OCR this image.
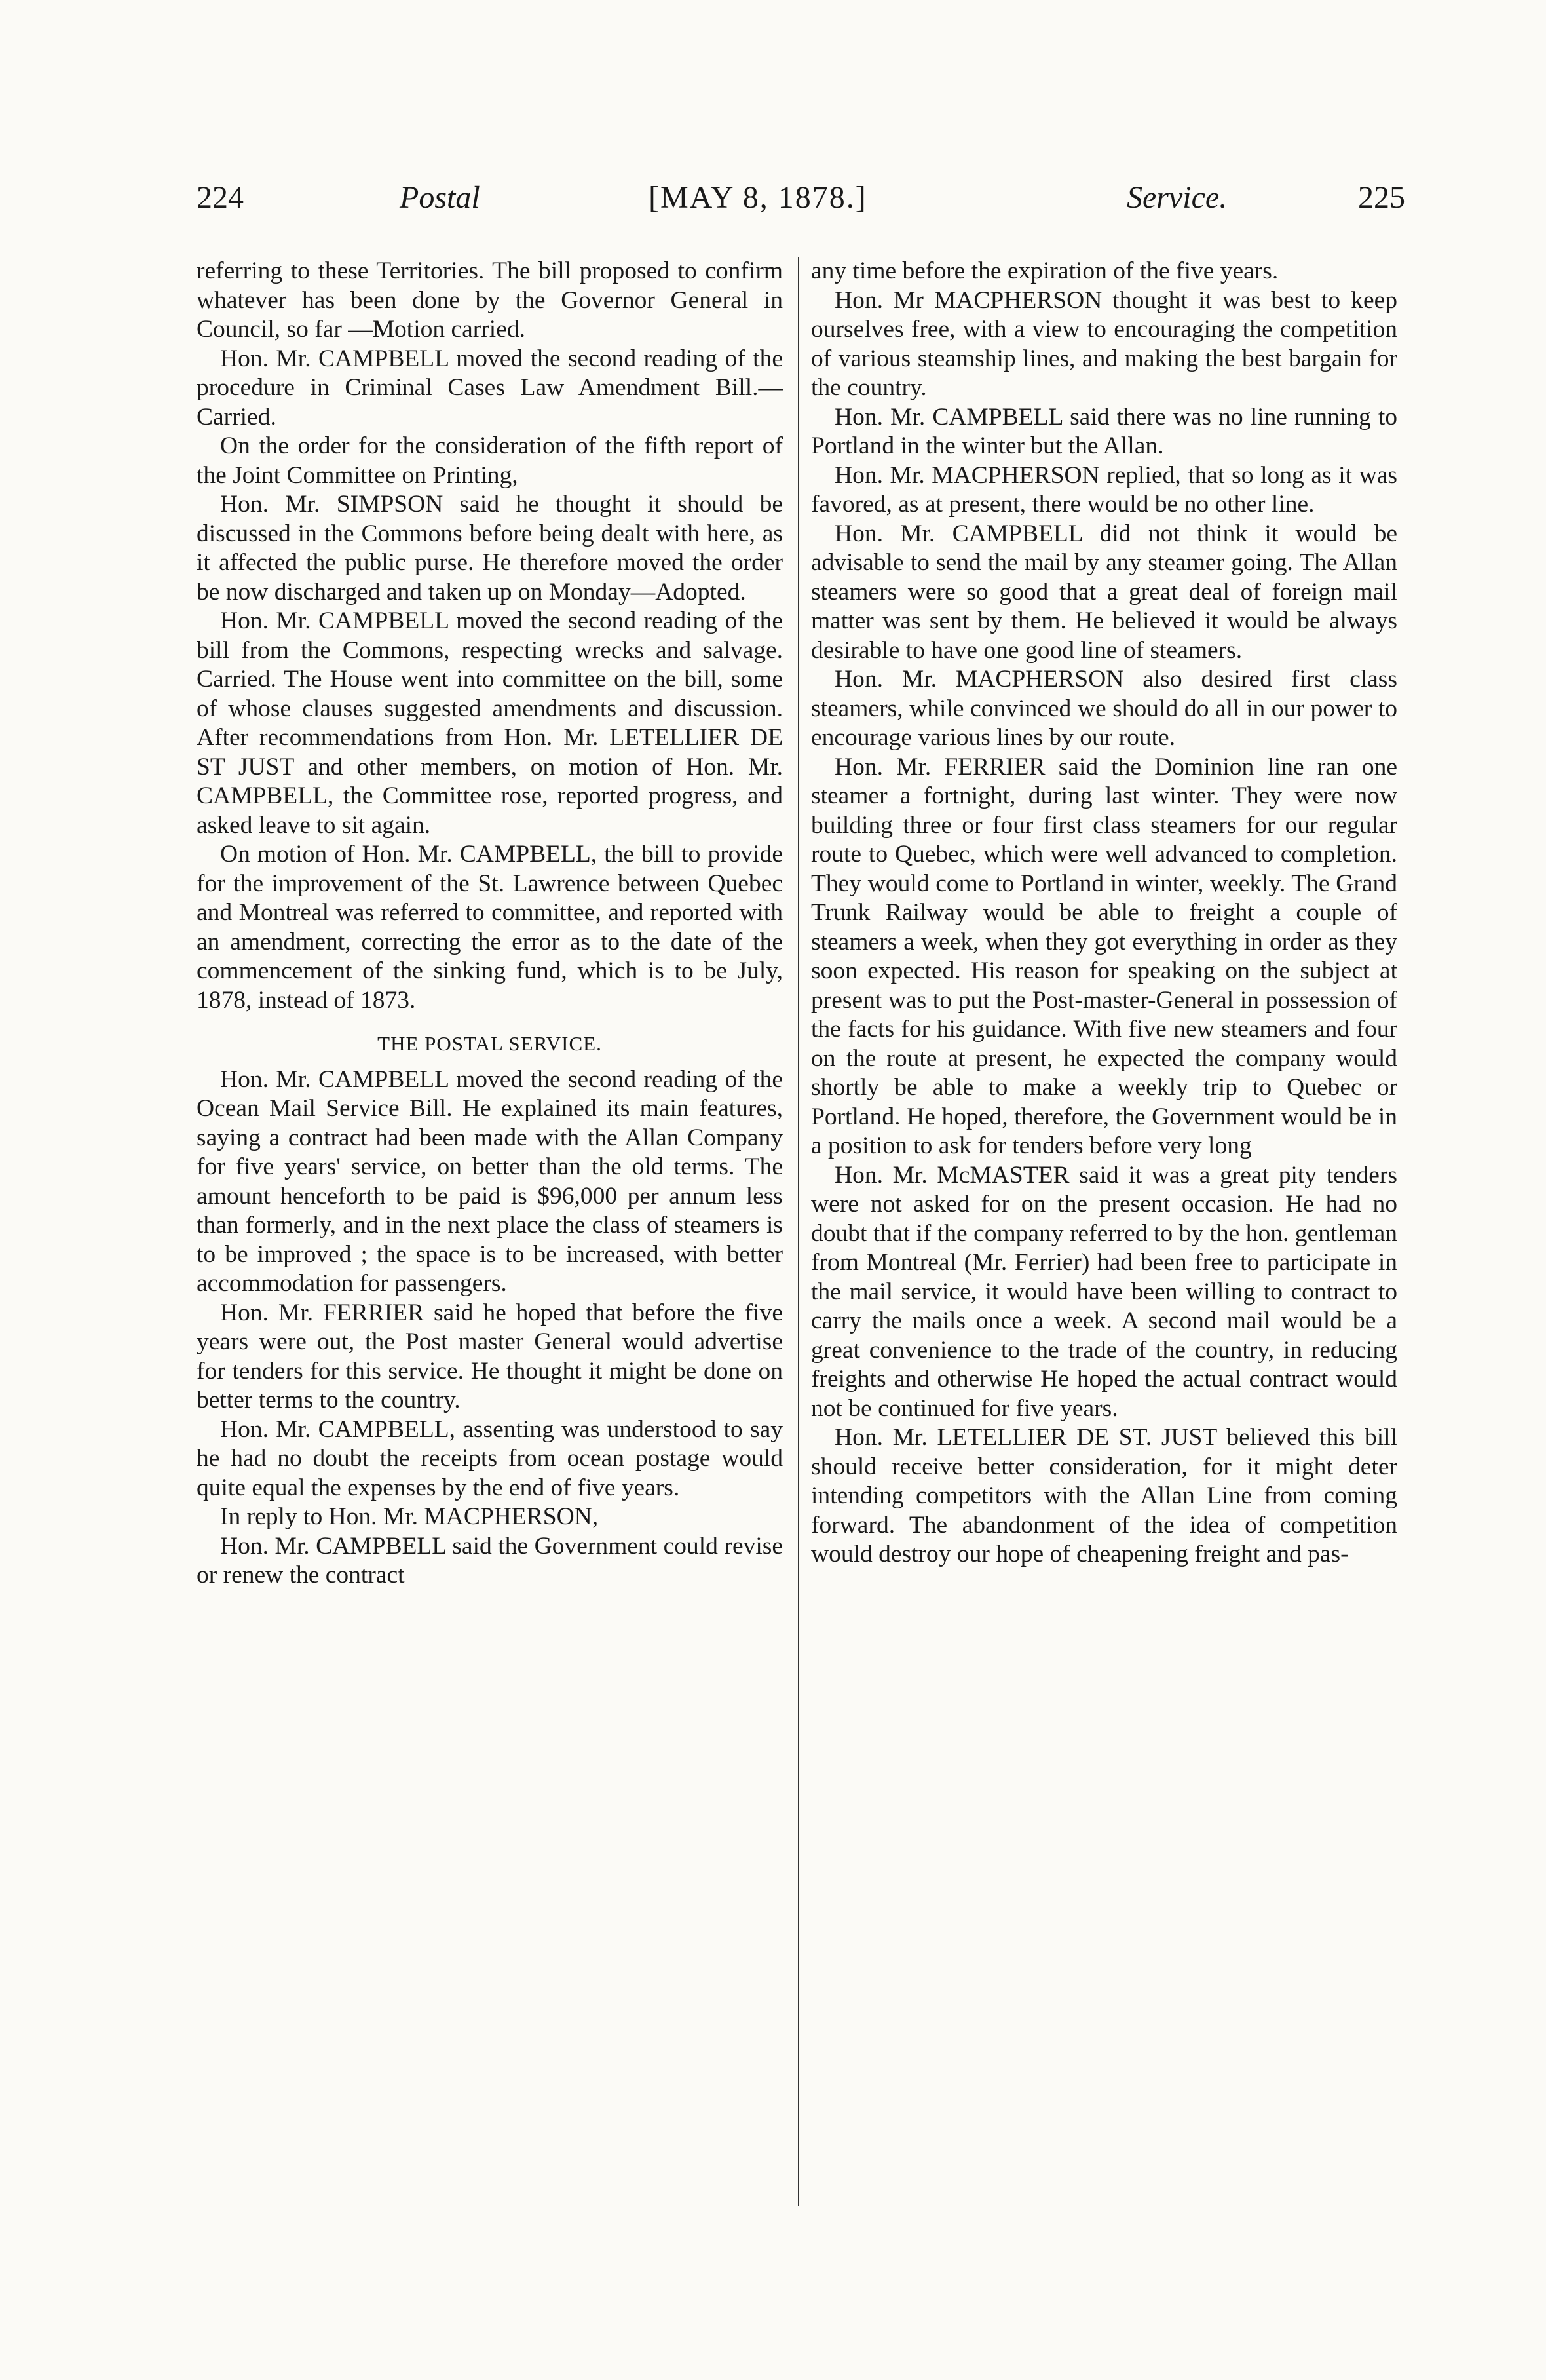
224	Postal	[MAY 8, 1878.]	Service.	225

referring to these Territories. The bill proposed to confirm whatever has been done by the Governor General in Council, so far —Motion carried.

Hon. Mr. CAMPBELL moved the second reading of the procedure in Criminal Cases Law Amendment Bill.—Carried.

On the order for the consideration of the fifth report of the Joint Committee on Printing,

Hon. Mr. SIMPSON said he thought it should be discussed in the Commons before being dealt with here, as it affected the public purse. He therefore moved the order be now discharged and taken up on Monday—Adopted.

Hon. Mr. CAMPBELL moved the second reading of the bill from the Commons, respecting wrecks and salvage. Carried. The House went into committee on the bill, some of whose clauses suggested amendments and discussion. After recommendations from Hon. Mr. LETELLIER DE ST JUST and other members, on motion of Hon. Mr. CAMPBELL, the Committee rose, reported progress, and asked leave to sit again.

On motion of Hon. Mr. CAMPBELL, the bill to provide for the improvement of the St. Lawrence between Quebec and Montreal was referred to committee, and reported with an amendment, correcting the error as to the date of the commencement of the sinking fund, which is to be July, 1878, instead of 1873.

THE POSTAL SERVICE.

Hon. Mr. CAMPBELL moved the second reading of the Ocean Mail Service Bill. He explained its main features, saying a contract had been made with the Allan Company for five years' service, on better than the old terms. The amount henceforth to be paid is $96,000 per annum less than formerly, and in the next place the class of steamers is to be improved ; the space is to be increased, with better accommodation for passengers.

Hon. Mr. FERRIER said he hoped that before the five years were out, the Post master General would advertise for tenders for this service. He thought it might be done on better terms to the country.

Hon. Mr. CAMPBELL, assenting was understood to say he had no doubt the receipts from ocean postage would quite equal the expenses by the end of five years.

In reply to Hon. Mr. MACPHERSON,

Hon. Mr. CAMPBELL said the Government could revise or renew the contract

any time before the expiration of the five years.

Hon. Mr MACPHERSON thought it was best to keep ourselves free, with a view to encouraging the competition of various steamship lines, and making the best bargain for the country.

Hon. Mr. CAMPBELL said there was no line running to Portland in the winter but the Allan.

Hon. Mr. MACPHERSON replied, that so long as it was favored, as at present, there would be no other line.

Hon. Mr. CAMPBELL did not think it would be advisable to send the mail by any steamer going. The Allan steamers were so good that a great deal of foreign mail matter was sent by them. He believed it would be always desirable to have one good line of steamers.

Hon. Mr. MACPHERSON also desired first class steamers, while convinced we should do all in our power to encourage various lines by our route.

Hon. Mr. FERRIER said the Dominion line ran one steamer a fortnight, during last winter. They were now building three or four first class steamers for our regular route to Quebec, which were well advanced to completion. They would come to Portland in winter, weekly. The Grand Trunk Railway would be able to freight a couple of steamers a week, when they got everything in order as they soon expected. His reason for speaking on the subject at present was to put the Post-master-General in possession of the facts for his guidance. With five new steamers and four on the route at present, he expected the company would shortly be able to make a weekly trip to Quebec or Portland. He hoped, therefore, the Government would be in a position to ask for tenders before very long

Hon. Mr. McMASTER said it was a great pity tenders were not asked for on the present occasion. He had no doubt that if the company referred to by the hon. gentleman from Montreal (Mr. Ferrier) had been free to participate in the mail service, it would have been willing to contract to carry the mails once a week. A second mail would be a great convenience to the trade of the country, in reducing freights and otherwise He hoped the actual contract would not be continued for five years.

Hon. Mr. LETELLIER DE ST. JUST believed this bill should receive better consideration, for it might deter intending competitors with the Allan Line from coming forward. The abandonment of the idea of competition would destroy our hope of cheapening freight and pas-
